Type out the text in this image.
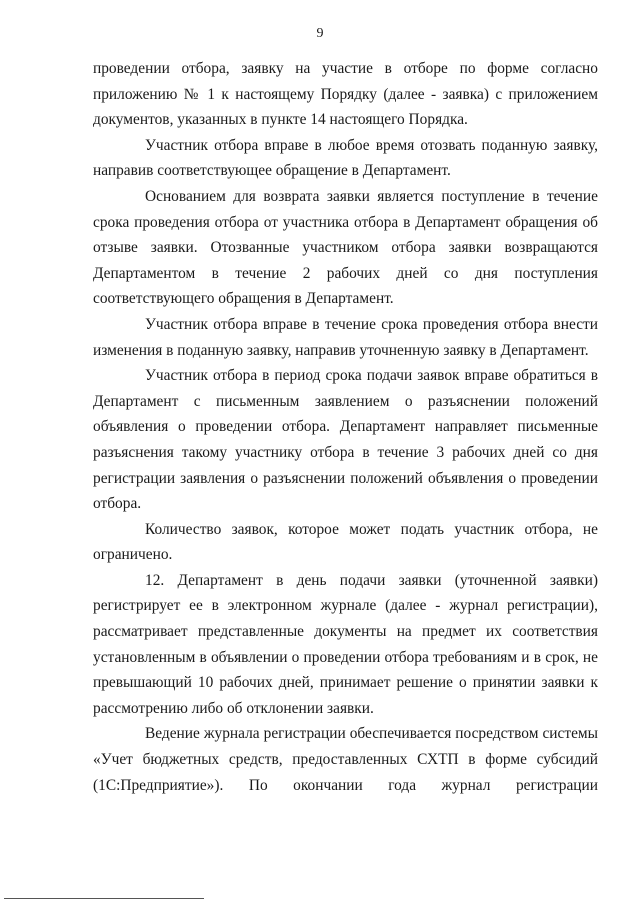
9

проведении отбора, заявку на участие в отборе по форме согласно приложению № 1 к настоящему Порядку (далее - заявка) с приложением документов, указанных в пункте 14 настоящего Порядка.

Участник отбора вправе в любое время отозвать поданную заявку, направив соответствующее обращение в Департамент.

Основанием для возврата заявки является поступление в течение срока проведения отбора от участника отбора в Департамент обращения об отзыве заявки. Отозванные участником отбора заявки возвращаются Департаментом в течение 2 рабочих дней со дня поступления соответствующего обращения в Департамент.

Участник отбора вправе в течение срока проведения отбора внести изменения в поданную заявку, направив уточненную заявку в Департамент.

Участник отбора в период срока подачи заявок вправе обратиться в Департамент с письменным заявлением о разъяснении положений объявления о проведении отбора. Департамент направляет письменные разъяснения такому участнику отбора в течение 3 рабочих дней со дня регистрации заявления о разъяснении положений объявления о проведении отбора.

Количество заявок, которое может подать участник отбора, не ограничено.

12. Департамент в день подачи заявки (уточненной заявки) регистрирует ее в электронном журнале (далее - журнал регистрации), рассматривает представленные документы на предмет их соответствия установленным в объявлении о проведении отбора требованиям и в срок, не превышающий 10 рабочих дней, принимает решение о принятии заявки к рассмотрению либо об отклонении заявки.

Ведение журнала регистрации обеспечивается посредством системы «Учет бюджетных средств, предоставленных СХТП в форме субсидий (1С:Предприятие»). По окончании года журнал регистрации
